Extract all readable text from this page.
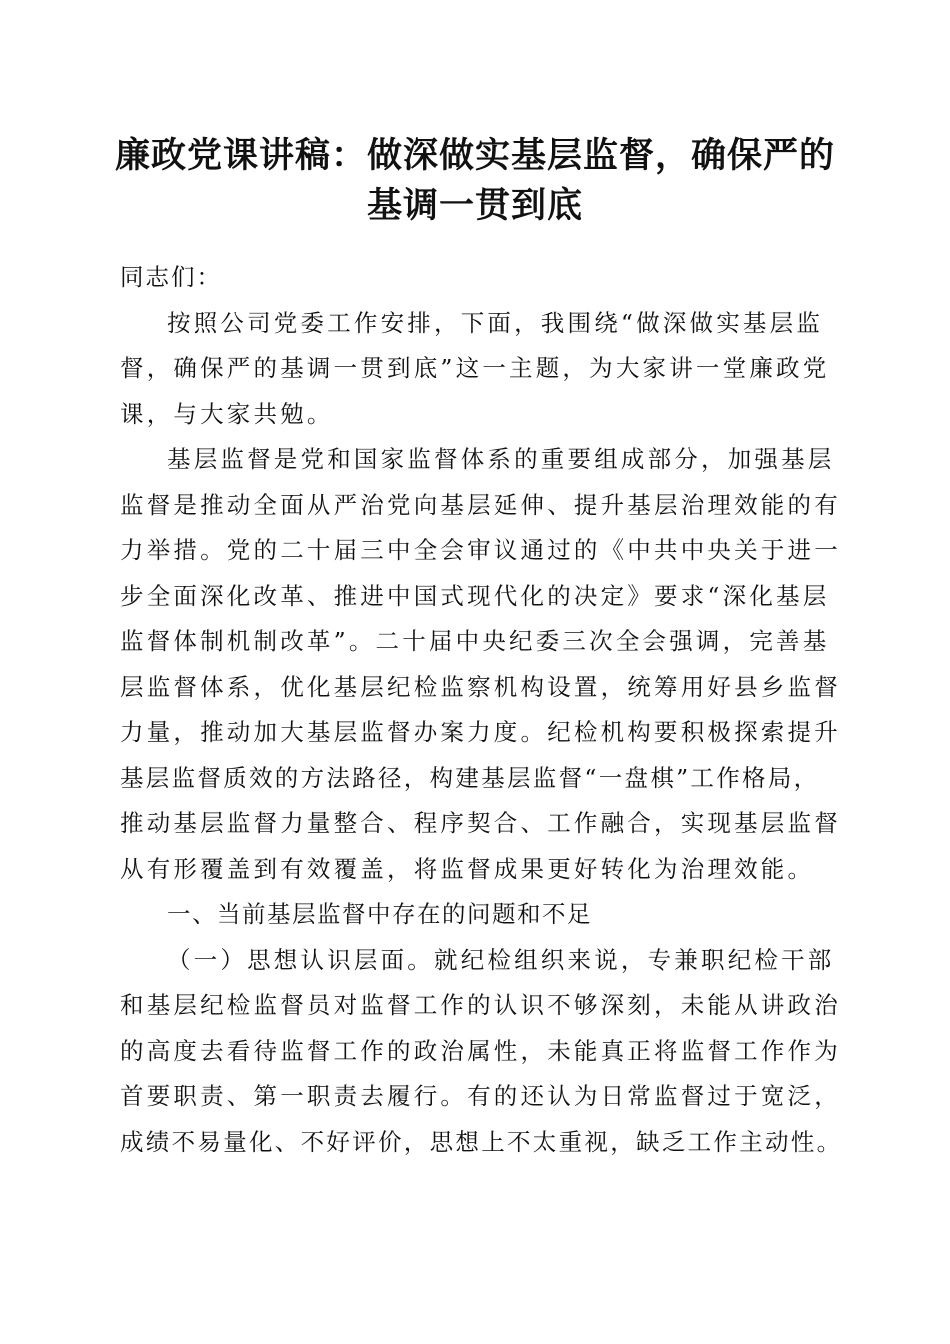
廉政党课讲稿：做深做实基层监督，确保严的
基调一贯到底
同志们：
按照公司党委工作安排，下面，我围绕“做深做实基层监
督，确保严的基调一贯到底”这一主题，为大家讲一堂廉政党
课，与大家共勉。
基层监督是党和国家监督体系的重要组成部分，加强基层
监督是推动全面从严治党向基层延伸、提升基层治理效能的有
力举措。党的二十届三中全会审议通过的《中共中央关于进一
步全面深化改革、推进中国式现代化的决定》要求“深化基层
监督体制机制改革”。二十届中央纪委三次全会强调，完善基
层监督体系，优化基层纪检监察机构设置，统筹用好县乡监督
力量，推动加大基层监督办案力度。纪检机构要积极探索提升
基层监督质效的方法路径，构建基层监督“一盘棋”工作格局，
推动基层监督力量整合、程序契合、工作融合，实现基层监督
从有形覆盖到有效覆盖，将监督成果更好转化为治理效能。
一、当前基层监督中存在的问题和不足
（一）思想认识层面。就纪检组织来说，专兼职纪检干部
和基层纪检监督员对监督工作的认识不够深刻，未能从讲政治
的高度去看待监督工作的政治属性，未能真正将监督工作作为
首要职责、第一职责去履行。有的还认为日常监督过于宽泛，
成绩不易量化、不好评价，思想上不太重视，缺乏工作主动性。
